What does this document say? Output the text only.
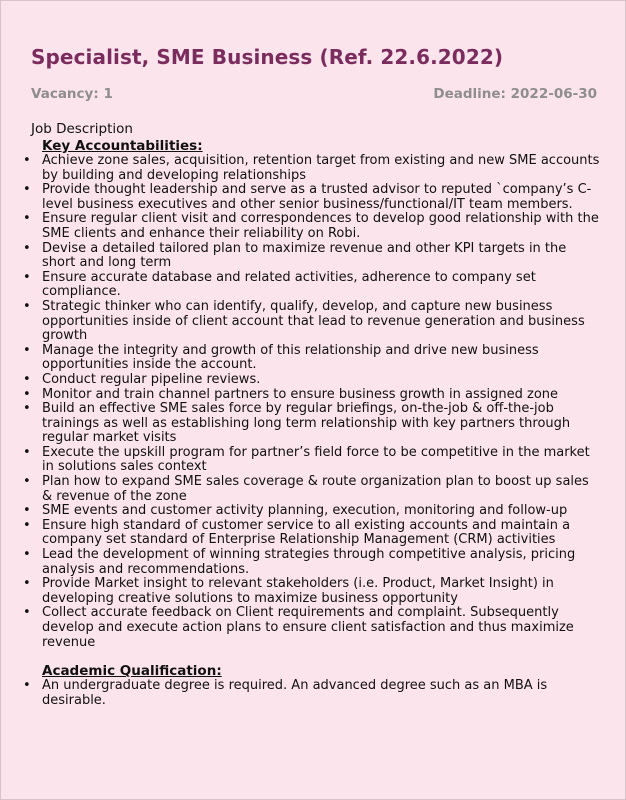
Specialist, SME Business (Ref. 22.6.2022)
Vacancy: 1	Deadline: 2022-06-30
Job Description
Key Accountabilities:
• Achieve zone sales, acquisition, retention target from existing and new SME accounts by building and developing relationships
• Provide thought leadership and serve as a trusted advisor to reputed `company’s C-level business executives and other senior business/functional/IT team members.
• Ensure regular client visit and correspondences to develop good relationship with the SME clients and enhance their reliability on Robi.
• Devise a detailed tailored plan to maximize revenue and other KPI targets in the short and long term
• Ensure accurate database and related activities, adherence to company set compliance.
• Strategic thinker who can identify, qualify, develop, and capture new business opportunities inside of client account that lead to revenue generation and business growth
• Manage the integrity and growth of this relationship and drive new business opportunities inside the account.
• Conduct regular pipeline reviews.
• Monitor and train channel partners to ensure business growth in assigned zone
• Build an effective SME sales force by regular briefings, on-the-job & off-the-job trainings as well as establishing long term relationship with key partners through regular market visits
• Execute the upskill program for partner’s field force to be competitive in the market in solutions sales context
• Plan how to expand SME sales coverage & route organization plan to boost up sales & revenue of the zone
• SME events and customer activity planning, execution, monitoring and follow-up
• Ensure high standard of customer service to all existing accounts and maintain a company set standard of Enterprise Relationship Management (CRM) activities
• Lead the development of winning strategies through competitive analysis, pricing analysis and recommendations.
• Provide Market insight to relevant stakeholders (i.e. Product, Market Insight) in developing creative solutions to maximize business opportunity
• Collect accurate feedback on Client requirements and complaint. Subsequently develop and execute action plans to ensure client satisfaction and thus maximize revenue
Academic Qualification:
• An undergraduate degree is required. An advanced degree such as an MBA is desirable.
